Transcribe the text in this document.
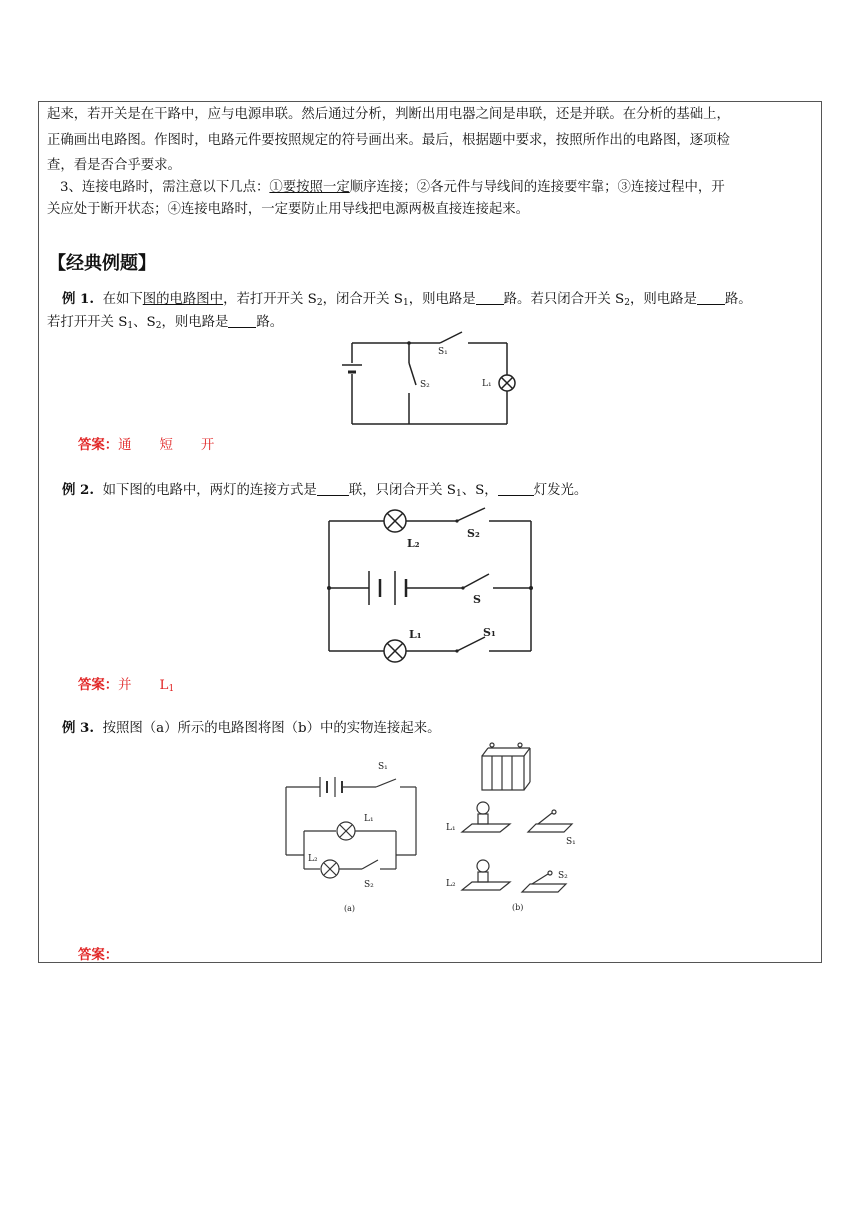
起来，若开关是在干路中，应与电源串联。然后通过分析，判断出用电器之间是串联，还是并联。在分析的基础上，
正确画出电路图。作图时，电路元件要按照规定的符号画出来。最后，根据题中要求，按照所作出的电路图，逐项检
查，看是否合乎要求。
3、连接电路时，需注意以下几点：①要按照一定顺序连接；②各元件与导线间的连接要牢靠；③连接过程中，开
关应处于断开状态；④连接电路时，一定要防止用导线把电源两极直接连接起来。
【经典例题】
例 1. 在如下图的电路图中，若打开开关 $S_2$，闭合开关 $S_1$，则电路是 路。若只闭合开关 $S_2$，则电路是 路。
若打开开关 $S_1$、$S_2$，则电路是 路。
S₁
S₂	L₁
答案：通 短 开
例 2. 如下图的电路中，两灯的连接方式是 联，只闭合开关 $S_1$、S，	灯发光。
L₂
S₂
S
L₁	S₁
答案：并 $L_1$
例 3. 按照图（a）所示的电路图将图（b）中的实物连接起来。
S₁
L₁
L₂
S₂
(a)
L₁
S₁
L₂
S₂
(b)
答案：
